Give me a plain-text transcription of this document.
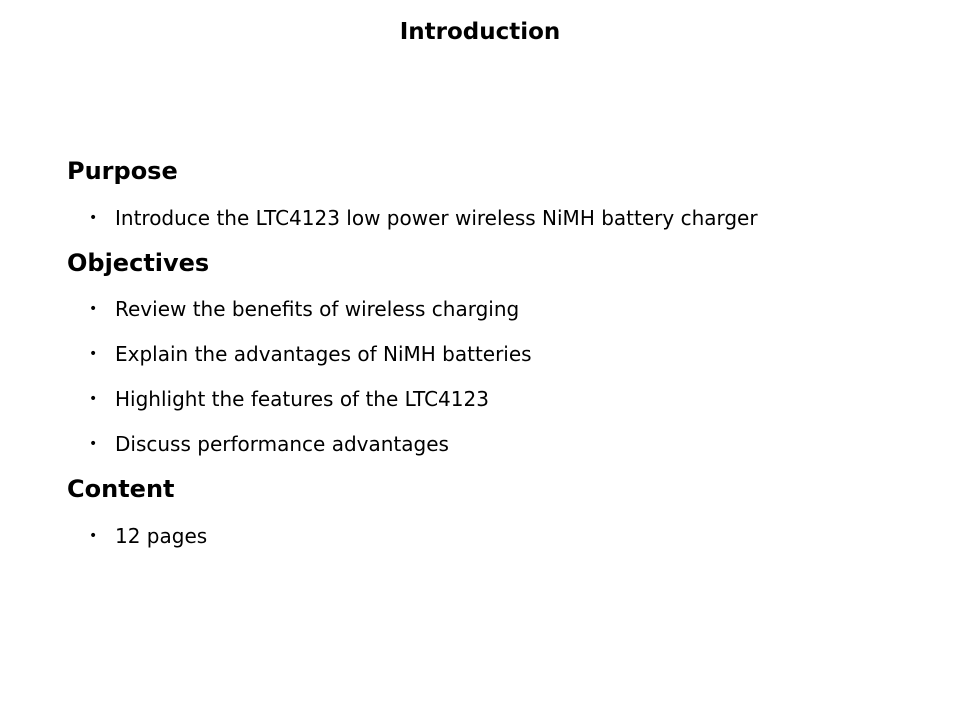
Introduction
Purpose
• Introduce the LTC4123 low power wireless NiMH battery charger
Objectives
• Review the benefits of wireless charging
• Explain the advantages of NiMH batteries
• Highlight the features of the LTC4123
• Discuss performance advantages
Content
• 12 pages
